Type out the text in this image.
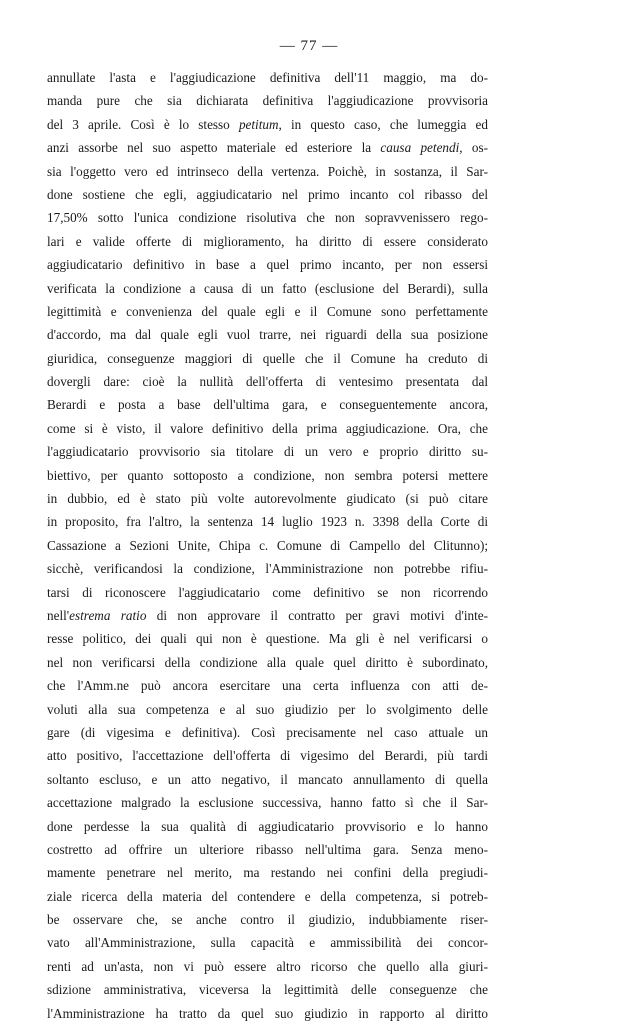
— 77 —
annullate l'asta e l'aggiudicazione definitiva dell'11 maggio, ma do-
manda pure che sia dichiarata definitiva l'aggiudicazione provvisoria
del 3 aprile. Così è lo stesso petitum, in questo caso, che lumeggia ed
anzi assorbe nel suo aspetto materiale ed esteriore la causa petendi, os-
sia l'oggetto vero ed intrinseco della vertenza. Poichè, in sostanza, il Sar-
done sostiene che egli, aggiudicatario nel primo incanto col ribasso del
17,50% sotto l'unica condizione risolutiva che non sopravvenissero rego-
lari e valide offerte di miglioramento, ha diritto di essere considerato
aggiudicatario definitivo in base a quel primo incanto, per non essersi
verificata la condizione a causa di un fatto (esclusione del Berardi), sulla
legittimità e convenienza del quale egli e il Comune sono perfettamente
d'accordo, ma dal quale egli vuol trarre, nei riguardi della sua posizione
giuridica, conseguenze maggiori di quelle che il Comune ha creduto di
dovergli dare: cioè la nullità dell'offerta di ventesimo presentata dal
Berardi e posta a base dell'ultima gara, e conseguentemente ancora,
come si è visto, il valore definitivo della prima aggiudicazione. Ora, che
l'aggiudicatario provvisorio sia titolare di un vero e proprio diritto su-
biettivo, per quanto sottoposto a condizione, non sembra potersi mettere
in dubbio, ed è stato più volte autorevolmente giudicato (si può citare
in proposito, fra l'altro, la sentenza 14 luglio 1923 n. 3398 della Corte di
Cassazione a Sezioni Unite, Chipa c. Comune di Campello del Clitunno);
sicchè, verificandosi la condizione, l'Amministrazione non potrebbe rifiu-
tarsi di riconoscere l'aggiudicatario come definitivo se non ricorrendo
nell'estrema ratio di non approvare il contratto per gravi motivi d'inte-
resse politico, dei quali qui non è questione. Ma gli è nel verificarsi o
nel non verificarsi della condizione alla quale quel diritto è subordinato,
che l'Amm.ne può ancora esercitare una certa influenza con atti de-
voluti alla sua competenza e al suo giudizio per lo svolgimento delle
gare (di vigesima e definitiva). Così precisamente nel caso attuale un
atto positivo, l'accettazione dell'offerta di vigesimo del Berardi, più tardi
soltanto escluso, e un atto negativo, il mancato annullamento di quella
accettazione malgrado la esclusione successiva, hanno fatto sì che il Sar-
done perdesse la sua qualità di aggiudicatario provvisorio e lo hanno
costretto ad offrire un ulteriore ribasso nell'ultima gara. Senza meno-
mamente penetrare nel merito, ma restando nei confini della pregiudi-
ziale ricerca della materia del contendere e della competenza, si potreb-
be osservare che, se anche contro il giudizio, indubbiamente riser-
vato all'Amministrazione, sulla capacità e ammissibilità dei concor-
renti ad un'asta, non vi può essere altro ricorso che quello alla giuri-
sdizione amministrativa, viceversa la legittimità delle conseguenze che
l'Amministrazione ha tratto da quel suo giudizio in rapporto al diritto
